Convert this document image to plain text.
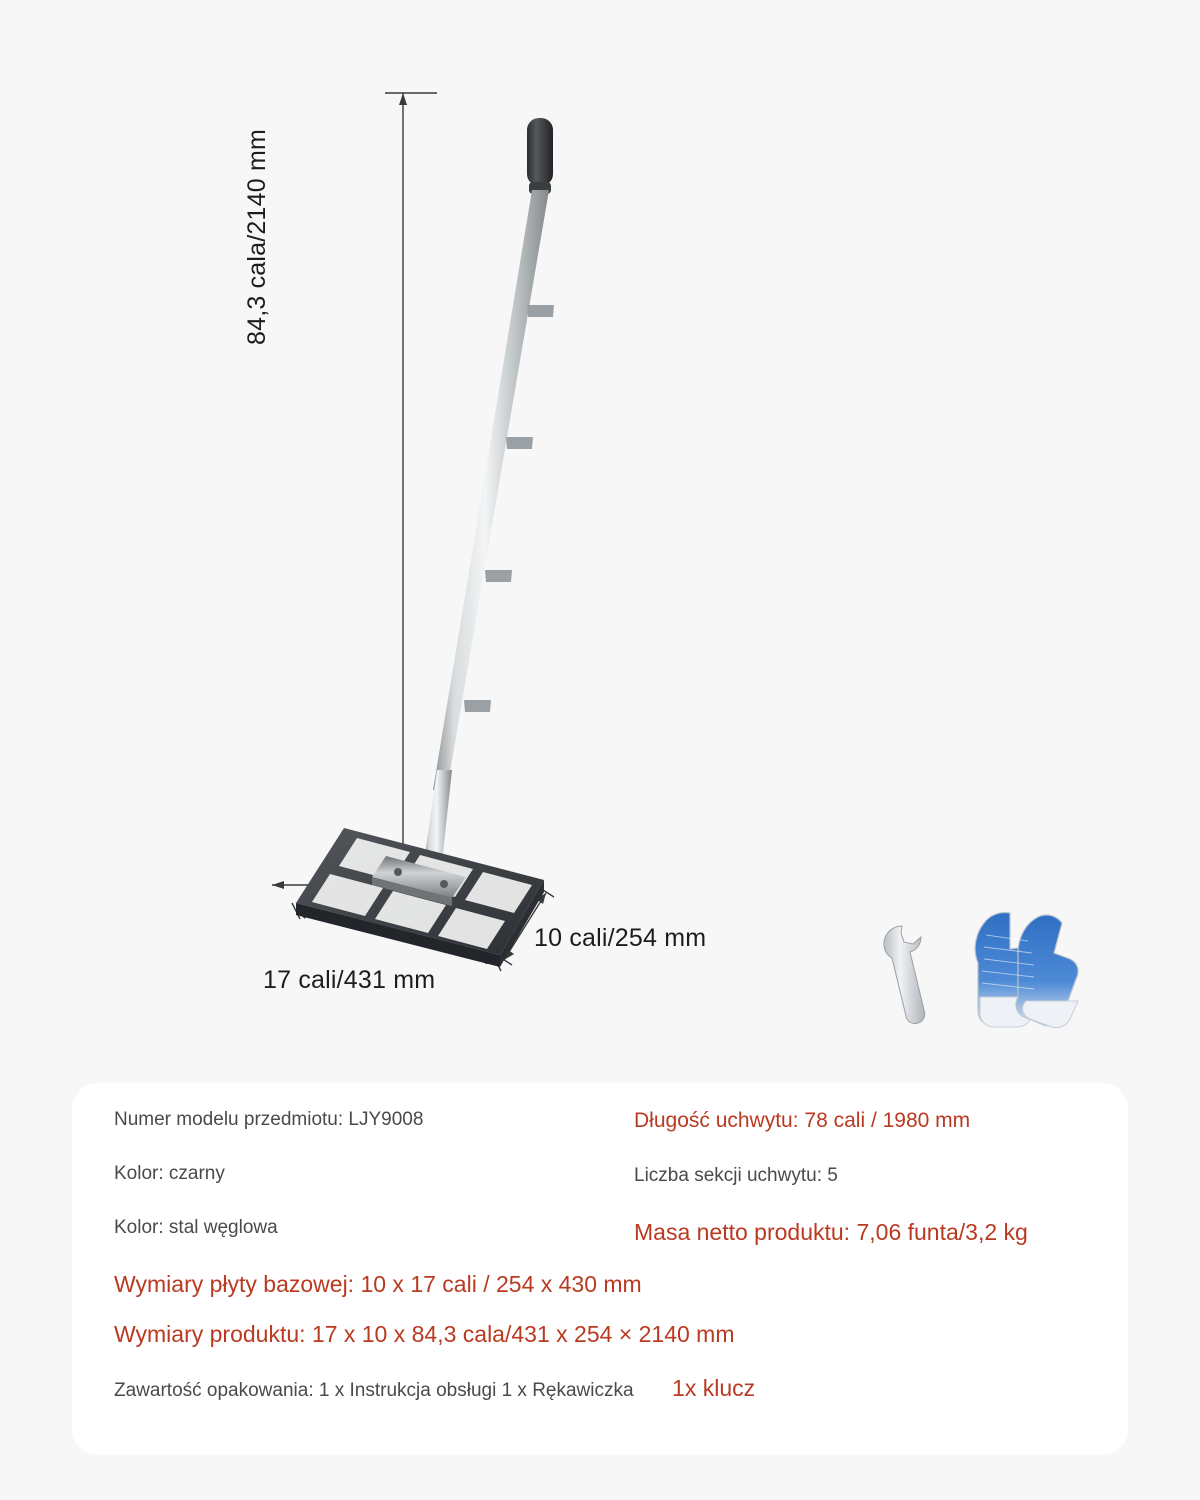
84,3 cala/2140 mm
10 cali/254 mm
17 cali/431 mm
Numer modelu przedmiotu: LJY9008
Kolor: czarny
Kolor: stal węglowa
Długość uchwytu: 78 cali / 1980 mm
Liczba sekcji uchwytu: 5
Masa netto produktu: 7,06 funta/3,2 kg
Wymiary płyty bazowej: 10 x 17 cali / 254 x 430 mm
Wymiary produktu: 17 x 10 x 84,3 cala/431 x 254 × 2140 mm
Zawartość opakowania: 1 x Instrukcja obsługi 1 x Rękawiczka 1x klucz
